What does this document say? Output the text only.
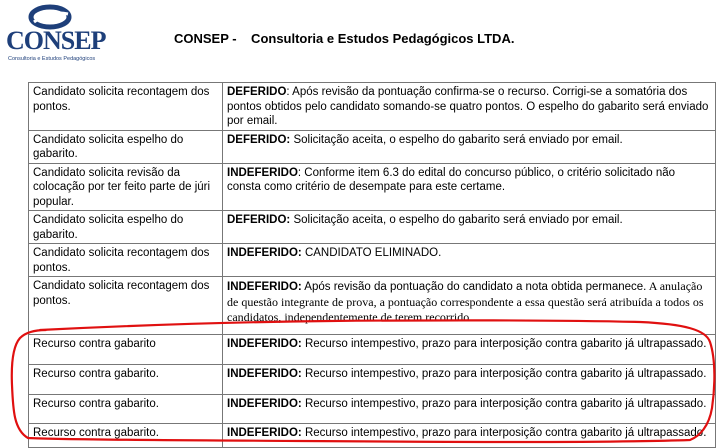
CONSEP
Consultoria e Estudos Pedagógicos
CONSEP -    Consultoria e Estudos Pedagógicos LTDA.
Candidato solicita recontagem dos pontos.	DEFERIDO: Após revisão da pontuação confirma-se o recurso. Corrigi-se a somatória dos pontos obtidos pelo candidato somando-se quatro pontos. O espelho do gabarito será enviado por email.
Candidato solicita espelho do gabarito.	DEFERIDO: Solicitação aceita, o espelho do gabarito será enviado por email.
Candidato solicita revisão da colocação por ter feito parte de júri popular.	INDEFERIDO: Conforme item 6.3 do edital do concurso público, o critério solicitado não consta como critério de desempate para este certame.
Candidato solicita espelho do gabarito.	DEFERIDO: Solicitação aceita, o espelho do gabarito será enviado por email.
Candidato solicita recontagem dos pontos.	INDEFERIDO: CANDIDATO ELIMINADO.
Candidato solicita recontagem dos pontos.	INDEFERIDO: Após revisão da pontuação do candidato a nota obtida permanece. A anulação de questão integrante de prova, a pontuação correspondente a essa questão será atribuída a todos os candidatos, independentemente de terem recorrido.
Recurso contra gabarito	INDEFERIDO: Recurso intempestivo, prazo para interposição contra gabarito já ultrapassado.
Recurso contra gabarito.	INDEFERIDO: Recurso intempestivo, prazo para interposição contra gabarito já ultrapassado.
Recurso contra gabarito.	INDEFERIDO: Recurso intempestivo, prazo para interposição contra gabarito já ultrapassado.
Recurso contra gabarito.	INDEFERIDO: Recurso intempestivo, prazo para interposição contra gabarito já ultrapassado.
